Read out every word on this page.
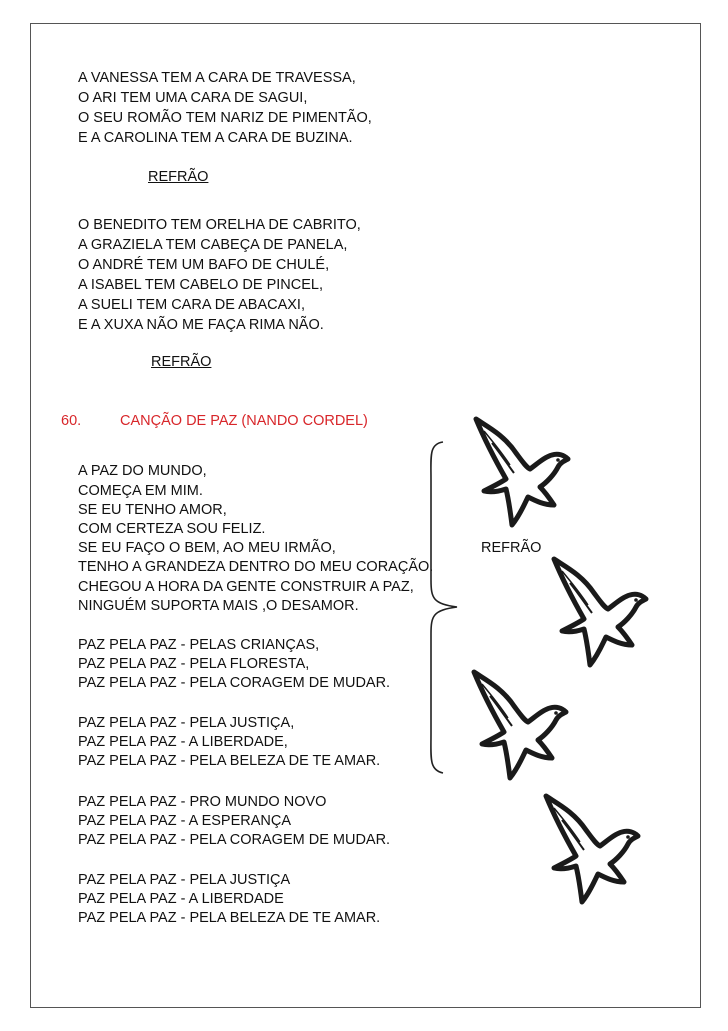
A VANESSA TEM A CARA DE TRAVESSA,
O ARI TEM UMA CARA DE SAGUI,
O SEU ROMÃO TEM NARIZ DE PIMENTÃO,
E A CAROLINA TEM A CARA DE BUZINA.
REFRÃO
O BENEDITO TEM ORELHA DE CABRITO,
A GRAZIELA TEM CABEÇA DE PANELA,
O ANDRÉ TEM UM BAFO DE CHULÉ,
A ISABEL TEM CABELO DE PINCEL,
A SUELI TEM CARA DE ABACAXI,
E A XUXA NÃO ME FAÇA RIMA NÃO.
REFRÃO
60.	CANÇÃO DE PAZ (NANDO CORDEL)
A PAZ DO MUNDO,
COMEÇA EM MIM.
SE EU TENHO AMOR,
COM CERTEZA SOU FELIZ.
SE EU FAÇO O BEM, AO MEU IRMÃO,
TENHO A GRANDEZA DENTRO DO MEU CORAÇÃO.
CHEGOU A HORA DA GENTE CONSTRUIR A PAZ,
NINGUÉM SUPORTA MAIS ,O DESAMOR.
PAZ PELA PAZ - PELAS CRIANÇAS,
PAZ PELA PAZ - PELA FLORESTA,
PAZ PELA PAZ - PELA CORAGEM DE MUDAR.
PAZ PELA PAZ - PELA JUSTIÇA,
PAZ PELA PAZ - A LIBERDADE,
PAZ PELA PAZ - PELA BELEZA DE TE AMAR.
PAZ PELA PAZ - PRO MUNDO NOVO
PAZ PELA PAZ - A ESPERANÇA
PAZ PELA PAZ - PELA CORAGEM DE MUDAR.
PAZ PELA PAZ - PELA JUSTIÇA
PAZ PELA PAZ - A LIBERDADE
PAZ PELA PAZ - PELA BELEZA DE TE AMAR.
REFRÃO
